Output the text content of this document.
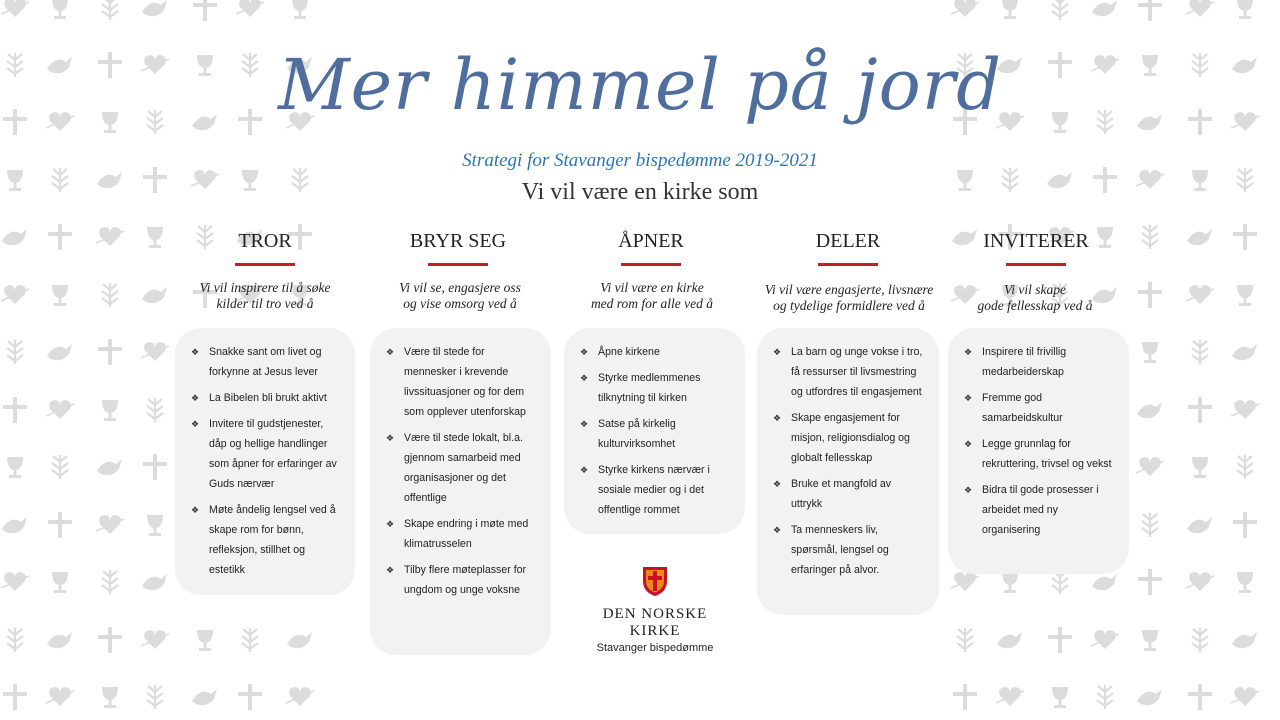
Mer himmel på jord
Strategi for Stavanger bispedømme 2019-2021
Vi vil være en kirke som
TROR
Vi vil inspirere til å søke
kilder til tro ved å
❖ Snakke sant om livet og forkynne at Jesus lever
❖ La Bibelen bli brukt aktivt
❖ Invitere til gudstjenester, dåp og hellige handlinger som åpner for erfaringer av Guds nærvær
❖ Møte åndelig lengsel ved å skape rom for bønn, refleksjon, stillhet og estetikk
BRYR SEG
Vi vil se, engasjere oss
og vise omsorg ved å
❖ Være til stede for mennesker i krevende livssituasjoner og for dem som opplever utenforskap
❖ Være til stede lokalt, bl.a. gjennom samarbeid med organisasjoner og det offentlige
❖ Skape endring i møte med klimatrusselen
❖ Tilby flere møteplasser for ungdom og unge voksne
ÅPNER
Vi vil være en kirke
med rom for alle ved å
❖ Åpne kirkene
❖ Styrke medlemmenes tilknytning til kirken
❖ Satse på kirkelig kulturvirksomhet
❖ Styrke kirkens nærvær i sosiale medier og i det offentlige rommet
DELER
Vi vil være engasjerte, livsnære
og tydelige formidlere ved å
❖ La barn og unge vokse i tro, få ressurser til livsmestring og utfordres til engasjement
❖ Skape engasjement for misjon, religionsdialog og globalt fellesskap
❖ Bruke et mangfold av uttrykk
❖ Ta menneskers liv, spørsmål, lengsel og erfaringer på alvor.
INVITERER
Vi vil skape
gode fellesskap ved å
❖ Inspirere til frivillig medarbeiderskap
❖ Fremme god samarbeidskultur
❖ Legge grunnlag for rekruttering, trivsel og vekst
❖ Bidra til gode prosesser i arbeidet med ny organisering
DEN NORSKE KIRKE
Stavanger bispedømme
